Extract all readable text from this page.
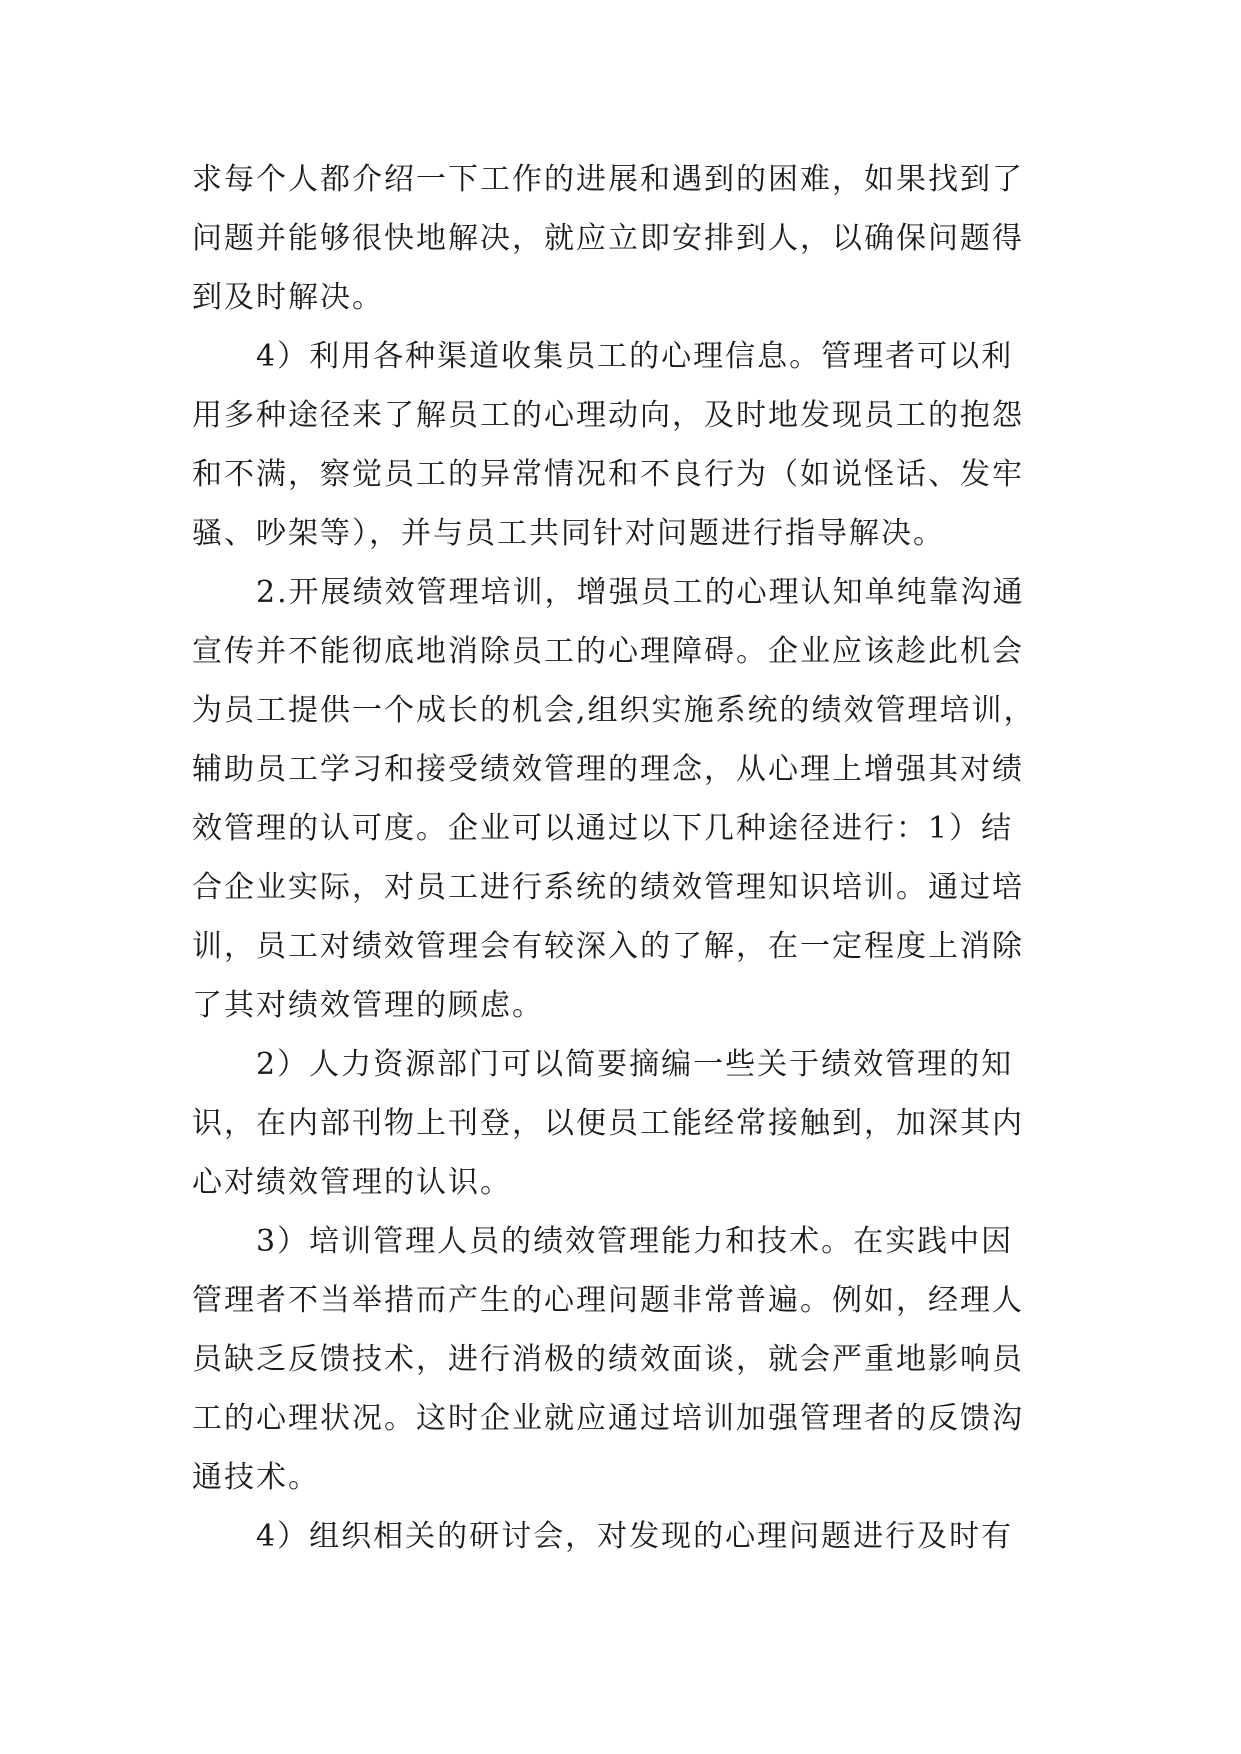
求每个人都介绍一下工作的进展和遇到的困难，如果找到了
问题并能够很快地解决，就应立即安排到人，以确保问题得
到及时解决。
　　4）利用各种渠道收集员工的心理信息。管理者可以利
用多种途径来了解员工的心理动向，及时地发现员工的抱怨
和不满，察觉员工的异常情况和不良行为（如说怪话、发牢
骚、吵架等），并与员工共同针对问题进行指导解决。
　　2.开展绩效管理培训，增强员工的心理认知单纯靠沟通
宣传并不能彻底地消除员工的心理障碍。企业应该趁此机会
为员工提供一个成长的机会,组织实施系统的绩效管理培训，
辅助员工学习和接受绩效管理的理念，从心理上增强其对绩
效管理的认可度。企业可以通过以下几种途径进行：1）结
合企业实际，对员工进行系统的绩效管理知识培训。通过培
训，员工对绩效管理会有较深入的了解，在一定程度上消除
了其对绩效管理的顾虑。
　　2）人力资源部门可以简要摘编一些关于绩效管理的知
识，在内部刊物上刊登，以便员工能经常接触到，加深其内
心对绩效管理的认识。
　　3）培训管理人员的绩效管理能力和技术。在实践中因
管理者不当举措而产生的心理问题非常普遍。例如，经理人
员缺乏反馈技术，进行消极的绩效面谈，就会严重地影响员
工的心理状况。这时企业就应通过培训加强管理者的反馈沟
通技术。
　　4）组织相关的研讨会，对发现的心理问题进行及时有
